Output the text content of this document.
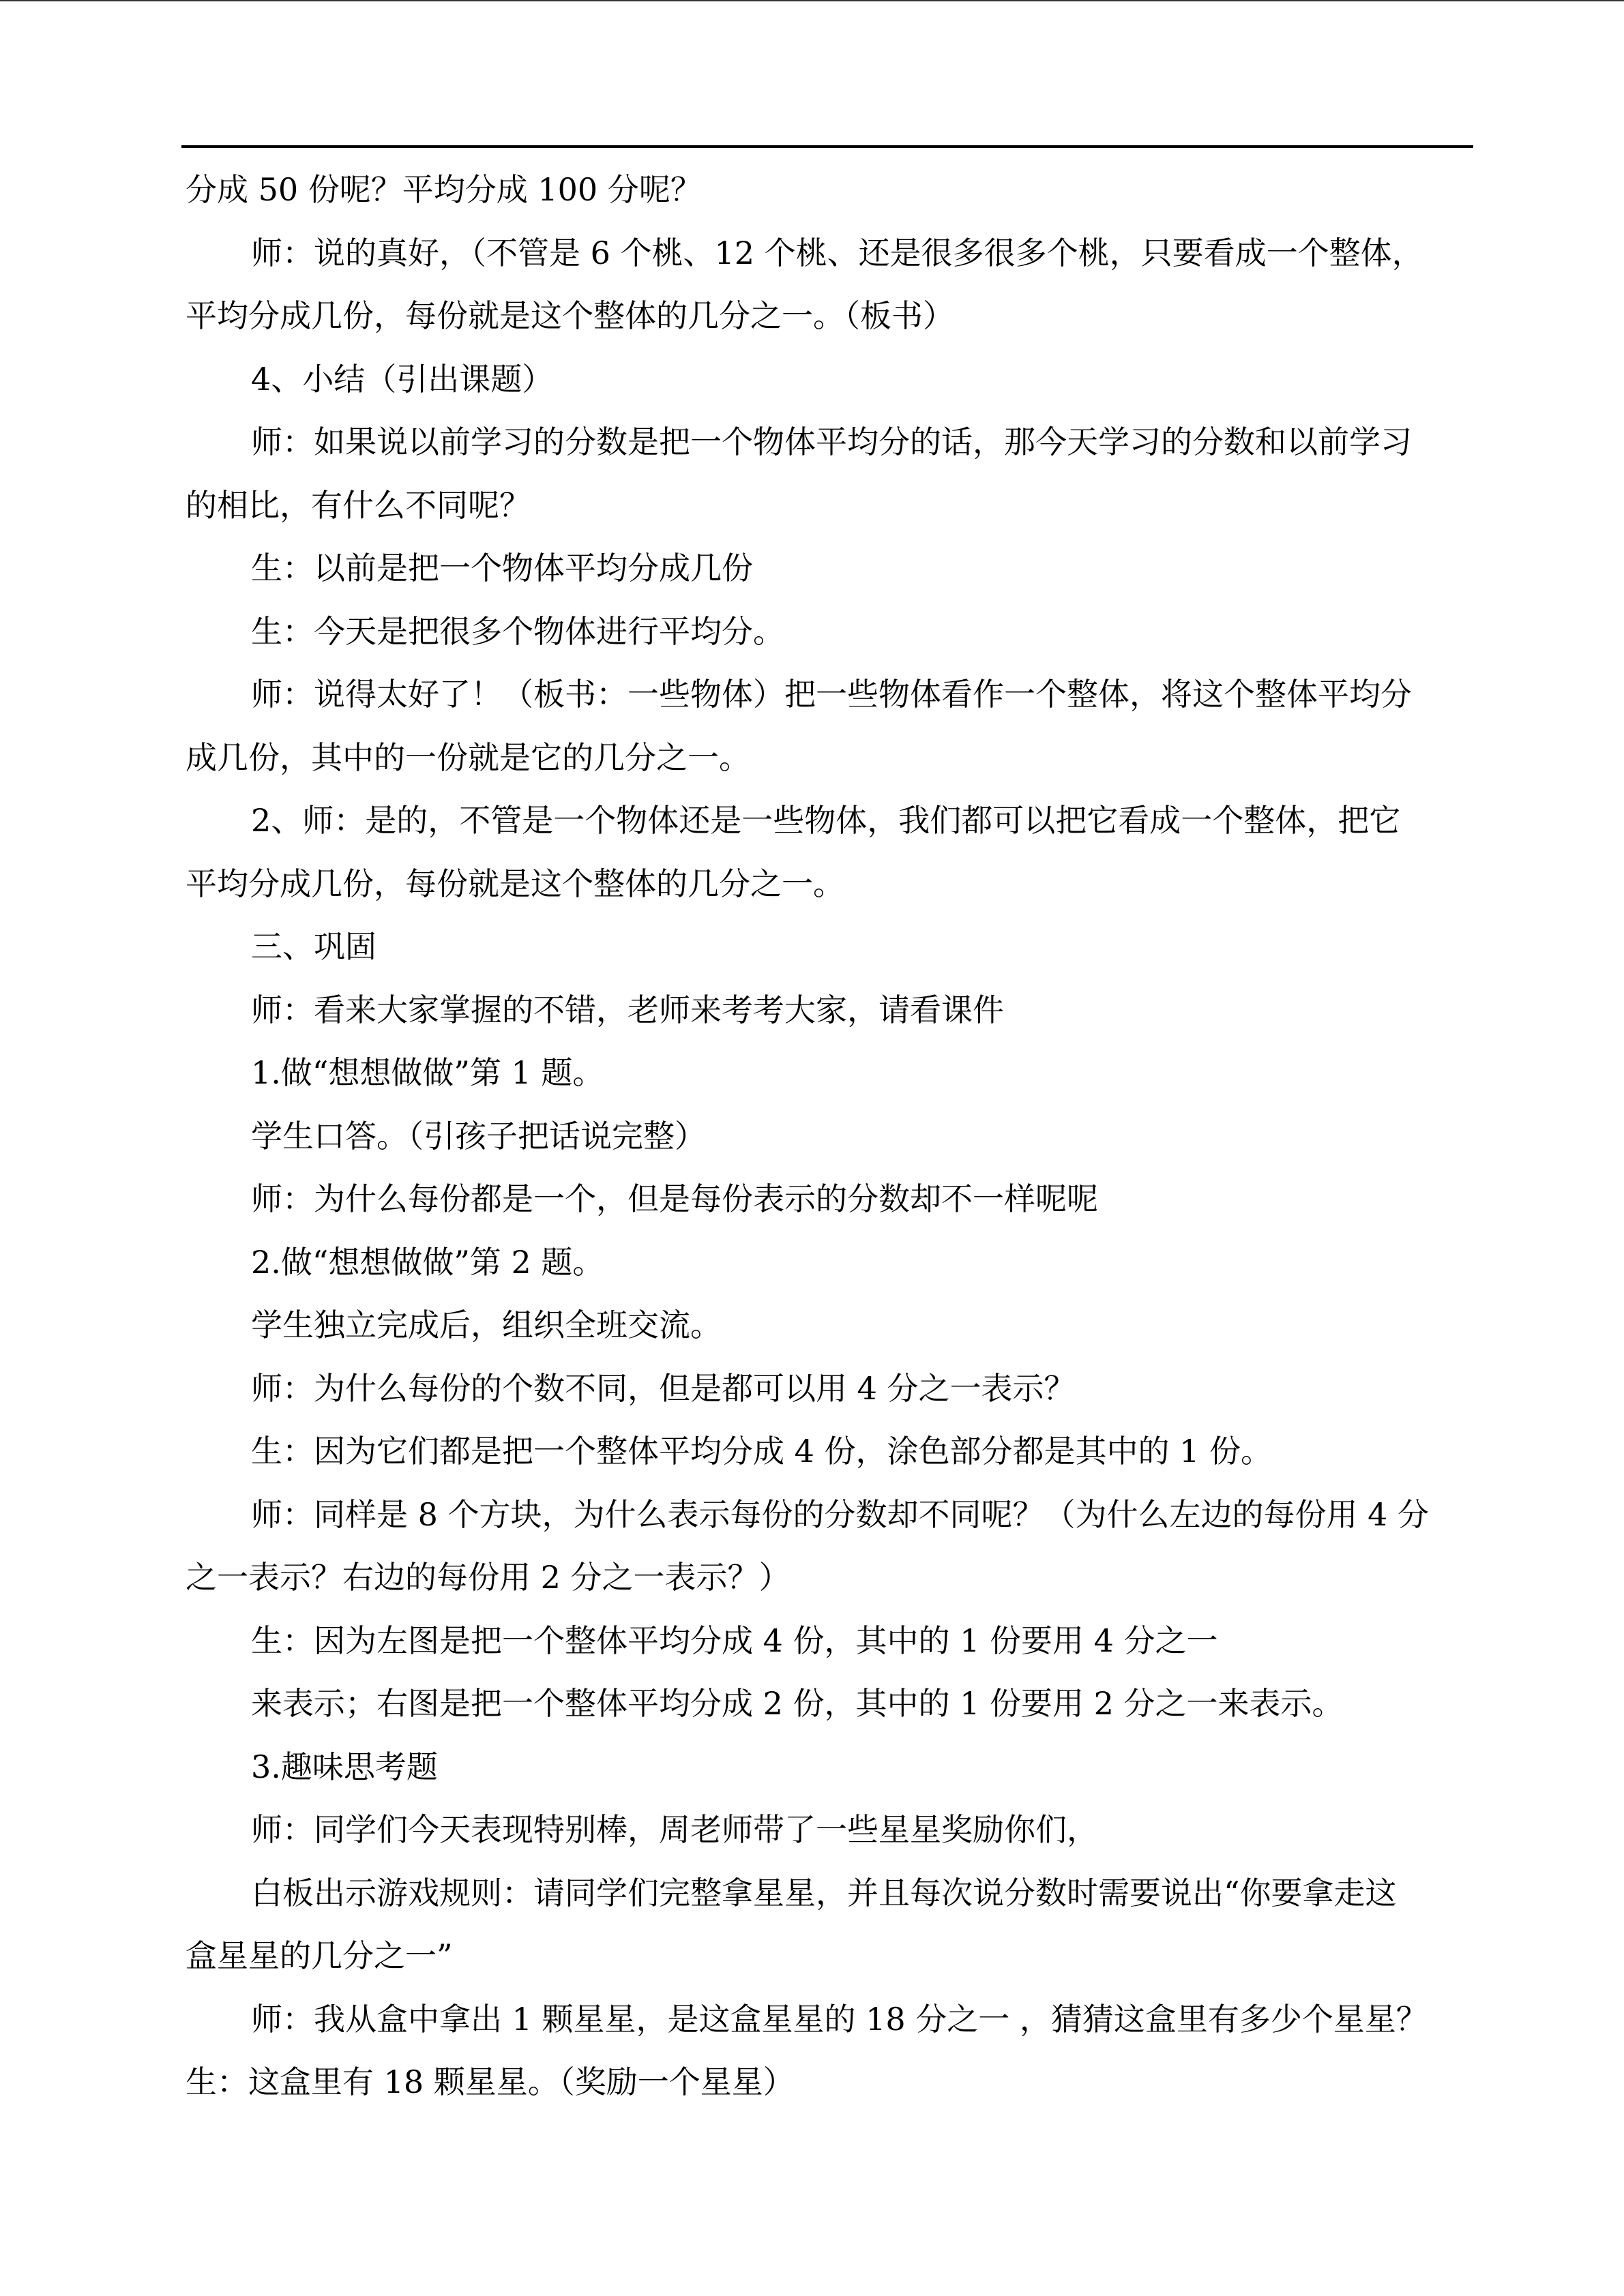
分成 50 份呢？平均分成 100 分呢？
师：说的真好，（不管是 6 个桃、12 个桃、还是很多很多个桃，只要看成一个整体，
平均分成几份，每份就是这个整体的几分之一。（板书）
4、小结（引出课题）
师：如果说以前学习的分数是把一个物体平均分的话，那今天学习的分数和以前学习
的相比，有什么不同呢？
生：以前是把一个物体平均分成几份
生：今天是把很多个物体进行平均分。
师：说得太好了！（板书：一些物体）把一些物体看作一个整体，将这个整体平均分
成几份，其中的一份就是它的几分之一。
2、师：是的，不管是一个物体还是一些物体，我们都可以把它看成一个整体，把它
平均分成几份，每份就是这个整体的几分之一。
三、巩固
师：看来大家掌握的不错，老师来考考大家，请看课件
1.做“想想做做”第 1 题。
学生口答。（引孩子把话说完整）
师：为什么每份都是一个，但是每份表示的分数却不一样呢呢
2.做“想想做做”第 2 题。
学生独立完成后，组织全班交流。
师：为什么每份的个数不同，但是都可以用 4 分之一表示？
生：因为它们都是把一个整体平均分成 4 份，涂色部分都是其中的 1 份。
师：同样是 8 个方块，为什么表示每份的分数却不同呢？（为什么左边的每份用 4 分
之一表示？右边的每份用 2 分之一表示？）
生：因为左图是把一个整体平均分成 4 份，其中的 1 份要用 4 分之一
来表示；右图是把一个整体平均分成 2 份，其中的 1 份要用 2 分之一来表示。
3.趣味思考题
师：同学们今天表现特别棒，周老师带了一些星星奖励你们，
白板出示游戏规则：请同学们完整拿星星，并且每次说分数时需要说出“你要拿走这
盒星星的几分之一”
师：我从盒中拿出 1 颗星星，是这盒星星的 18 分之一 ，猜猜这盒里有多少个星星？
生：这盒里有 18 颗星星。（奖励一个星星）
